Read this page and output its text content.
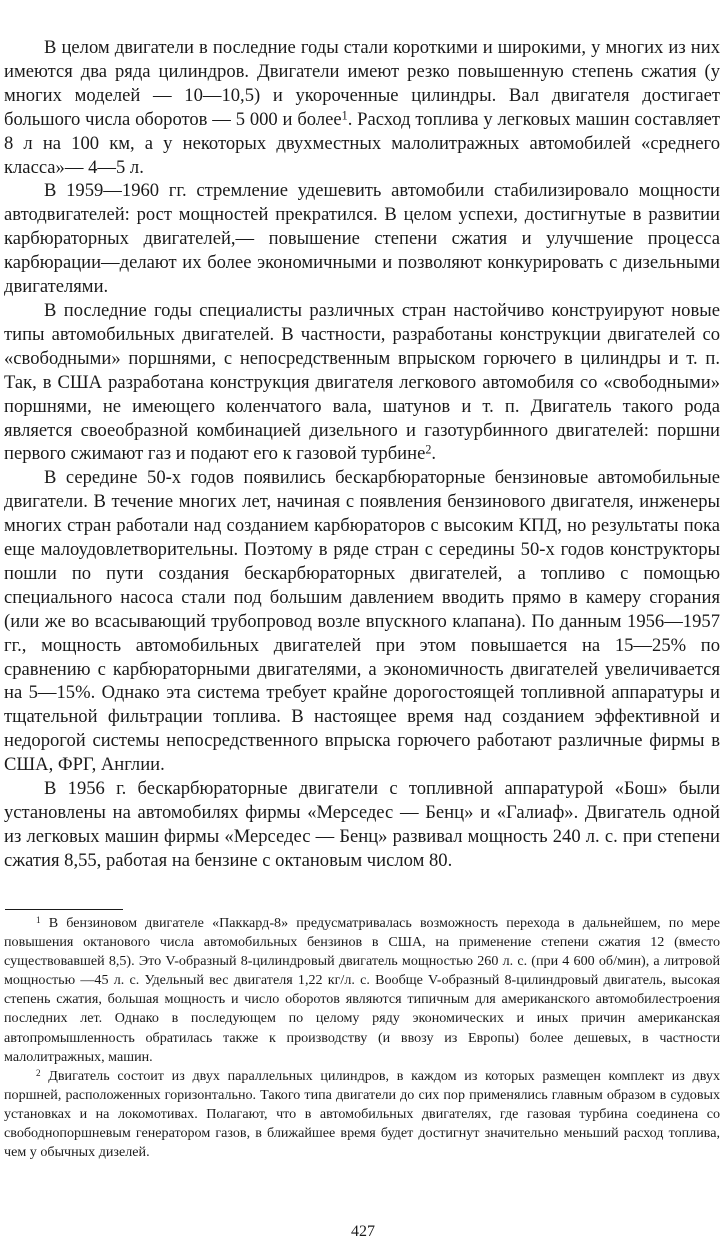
В целом двигатели в последние годы стали короткими и широкими, у многих из них имеются два ряда цилиндров. Двигатели имеют резко повышенную степень сжатия (у многих моделей — 10—10,5) и укороченные цилиндры. Вал двигателя достигает большого числа оборотов — 5 000 и более$^1$. Расход топлива у легковых машин составляет 8 л на 100 км, а у некоторых двухместных малолитражных автомобилей «среднего класса»— 4—5 л.

В 1959—1960 гг. стремление удешевить автомобили стабилизировало мощности автодвигателей: рост мощностей прекратился. В целом успехи, достигнутые в развитии карбюраторных двигателей,— повышение степени сжатия и улучшение процесса карбюрации—делают их более экономичными и позволяют конкурировать с дизельными двигателями.

В последние годы специалисты различных стран настойчиво конструируют новые типы автомобильных двигателей. В частности, разработаны конструкции двигателей со «свободными» поршнями, с непосредственным впрыском горючего в цилиндры и т. п. Так, в США разработана конструкция двигателя легкового автомобиля со «свободными» поршнями, не имеющего коленчатого вала, шатунов и т. п. Двигатель такого рода является своеобразной комбинацией дизельного и газотурбинного двигателей: поршни первого сжимают газ и подают его к газовой турбине$^2$.

В середине 50-х годов появились бескарбюраторные бензиновые автомобильные двигатели. В течение многих лет, начиная с появления бензинового двигателя, инженеры многих стран работали над созданием карбюраторов с высоким КПД, но результаты пока еще малоудовлетворительны. Поэтому в ряде стран с середины 50-х годов конструкторы пошли по пути создания бескарбюраторных двигателей, а топливо с помощью специального насоса стали под большим давлением вводить прямо в камеру сгорания (или же во всасывающий трубопровод возле впускного клапана). По данным 1956—1957 гг., мощность автомобильных двигателей при этом повышается на 15—25% по сравнению с карбюраторными двигателями, а экономичность двигателей увеличивается на 5—15%. Однако эта система требует крайне дорогостоящей топливной аппаратуры и тщательной фильтрации топлива. В настоящее время над созданием эффективной и недорогой системы непосредственного впрыска горючего работают различные фирмы в США, ФРГ, Англии.

В 1956 г. бескарбюраторные двигатели с топливной аппаратурой «Бош» были установлены на автомобилях фирмы «Мерседес — Бенц» и «Галиаф». Двигатель одной из легковых машин фирмы «Мерседес — Бенц» развивал мощность 240 л. с. при степени сжатия 8,55, работая на бензине с октановым числом 80.

$^1$ В бензиновом двигателе «Паккард-8» предусматривалась возможность перехода в дальнейшем, по мере повышения октанового числа автомобильных бензинов в США, на применение степени сжатия 12 (вместо существовавшей 8,5). Это V-образный 8-цилиндровый двигатель мощностью 260 л. с. (при 4 600 об/мин), а литровой мощностью —45 л. с. Удельный вес двигателя 1,22 кг/л. с. Вообще V-образный 8-цилиндровый двигатель, высокая степень сжатия, большая мощность и число оборотов являются типичным для американского автомобилестроения последних лет. Однако в последующем по целому ряду экономических и иных причин американская автопромышленность обратилась также к производству (и ввозу из Европы) более дешевых, в частности малолитражных, машин.

$^2$ Двигатель состоит из двух параллельных цилиндров, в каждом из которых размещен комплект из двух поршней, расположенных горизонтально. Такого типа двигатели до сих пор применялись главным образом в судовых установках и на локомотивах. Полагают, что в автомобильных двигателях, где газовая турбина соединена со свободнопоршневым генератором газов, в ближайшее время будет достигнут значительно меньший расход топлива, чем у обычных дизелей.

427
